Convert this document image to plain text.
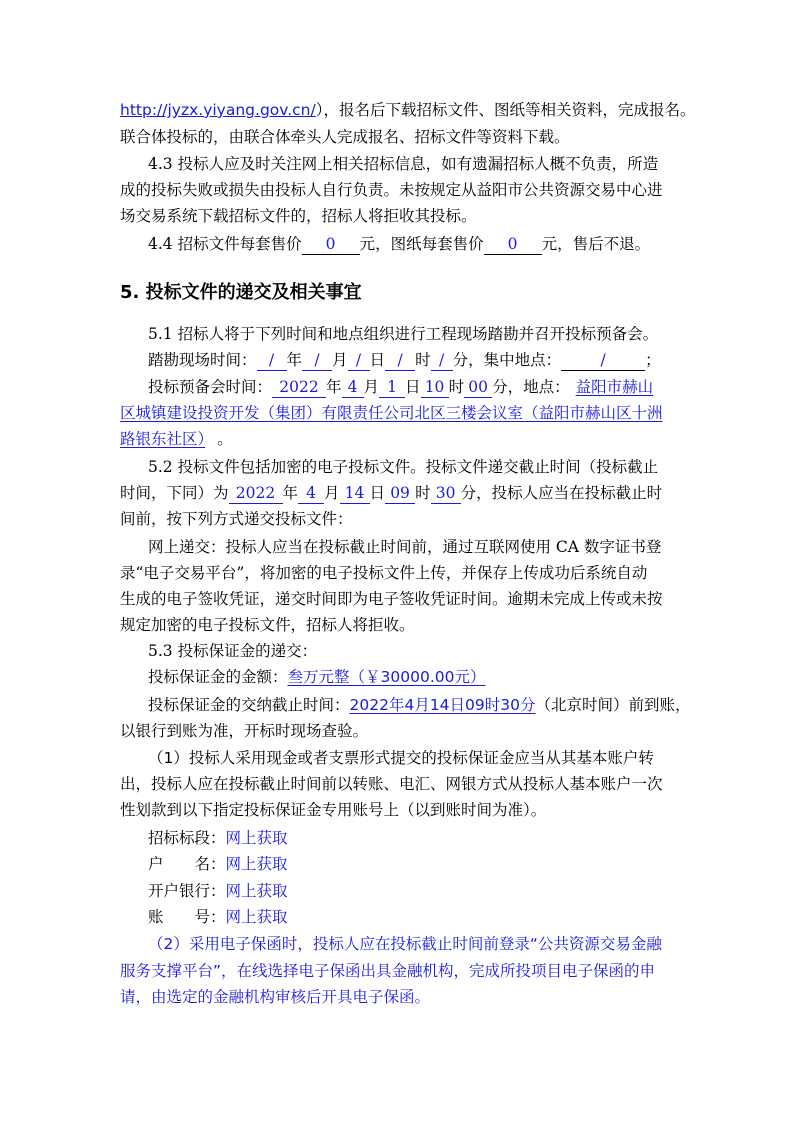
http://jyzx.yiyang.gov.cn/），报名后下载招标文件、图纸等相关资料，完成报名。
联合体投标的，由联合体牵头人完成报名、招标文件等资料下载。
4.3 投标人应及时关注网上相关招标信息，如有遗漏招标人概不负责，所造
成的投标失败或损失由投标人自行负责。未按规定从益阳市公共资源交易中心进
场交易系统下载招标文件的，招标人将拒收其投标。
4.4 招标文件每套售价 0 元，图纸每套售价 0 元，售后不退。
5. 投标文件的递交及相关事宜
5.1 招标人将于下列时间和地点组织进行工程现场踏勘并召开投标预备会。
踏勘现场时间： / 年 / 月 / 日 / 时 / 分，集中地点：	/	；
投标预备会时间： 2022 年 4 月 1 日 10 时 00 分，地点： 益阳市赫山
区城镇建设投资开发（集团）有限责任公司北区三楼会议室（益阳市赫山区十洲
路银东社区） 。
5.2 投标文件包括加密的电子投标文件。投标文件递交截止时间（投标截止
时间，下同）为 2022 年 4 月 14 日 09 时 30 分，投标人应当在投标截止时
间前，按下列方式递交投标文件：
网上递交：投标人应当在投标截止时间前，通过互联网使用 CA 数字证书登
录“电子交易平台”，将加密的电子投标文件上传，并保存上传成功后系统自动
生成的电子签收凭证，递交时间即为电子签收凭证时间。逾期未完成上传或未按
规定加密的电子投标文件，招标人将拒收。
5.3 投标保证金的递交：
投标保证金的金额：叁万元整（￥30000.00元）
投标保证金的交纳截止时间：2022年4月14日09时30分（北京时间）前到账，
以银行到账为准，开标时现场查验。
（1）投标人采用现金或者支票形式提交的投标保证金应当从其基本账户转
出，投标人应在投标截止时间前以转账、电汇、网银方式从投标人基本账户一次
性划款到以下指定投标保证金专用账号上（以到账时间为准）。
招标标段：网上获取
户　　名：网上获取
开户银行：网上获取
账　　号：网上获取
（2）采用电子保函时，投标人应在投标截止时间前登录“公共资源交易金融
服务支撑平台”，在线选择电子保函出具金融机构，完成所投项目电子保函的申
请，由选定的金融机构审核后开具电子保函。
